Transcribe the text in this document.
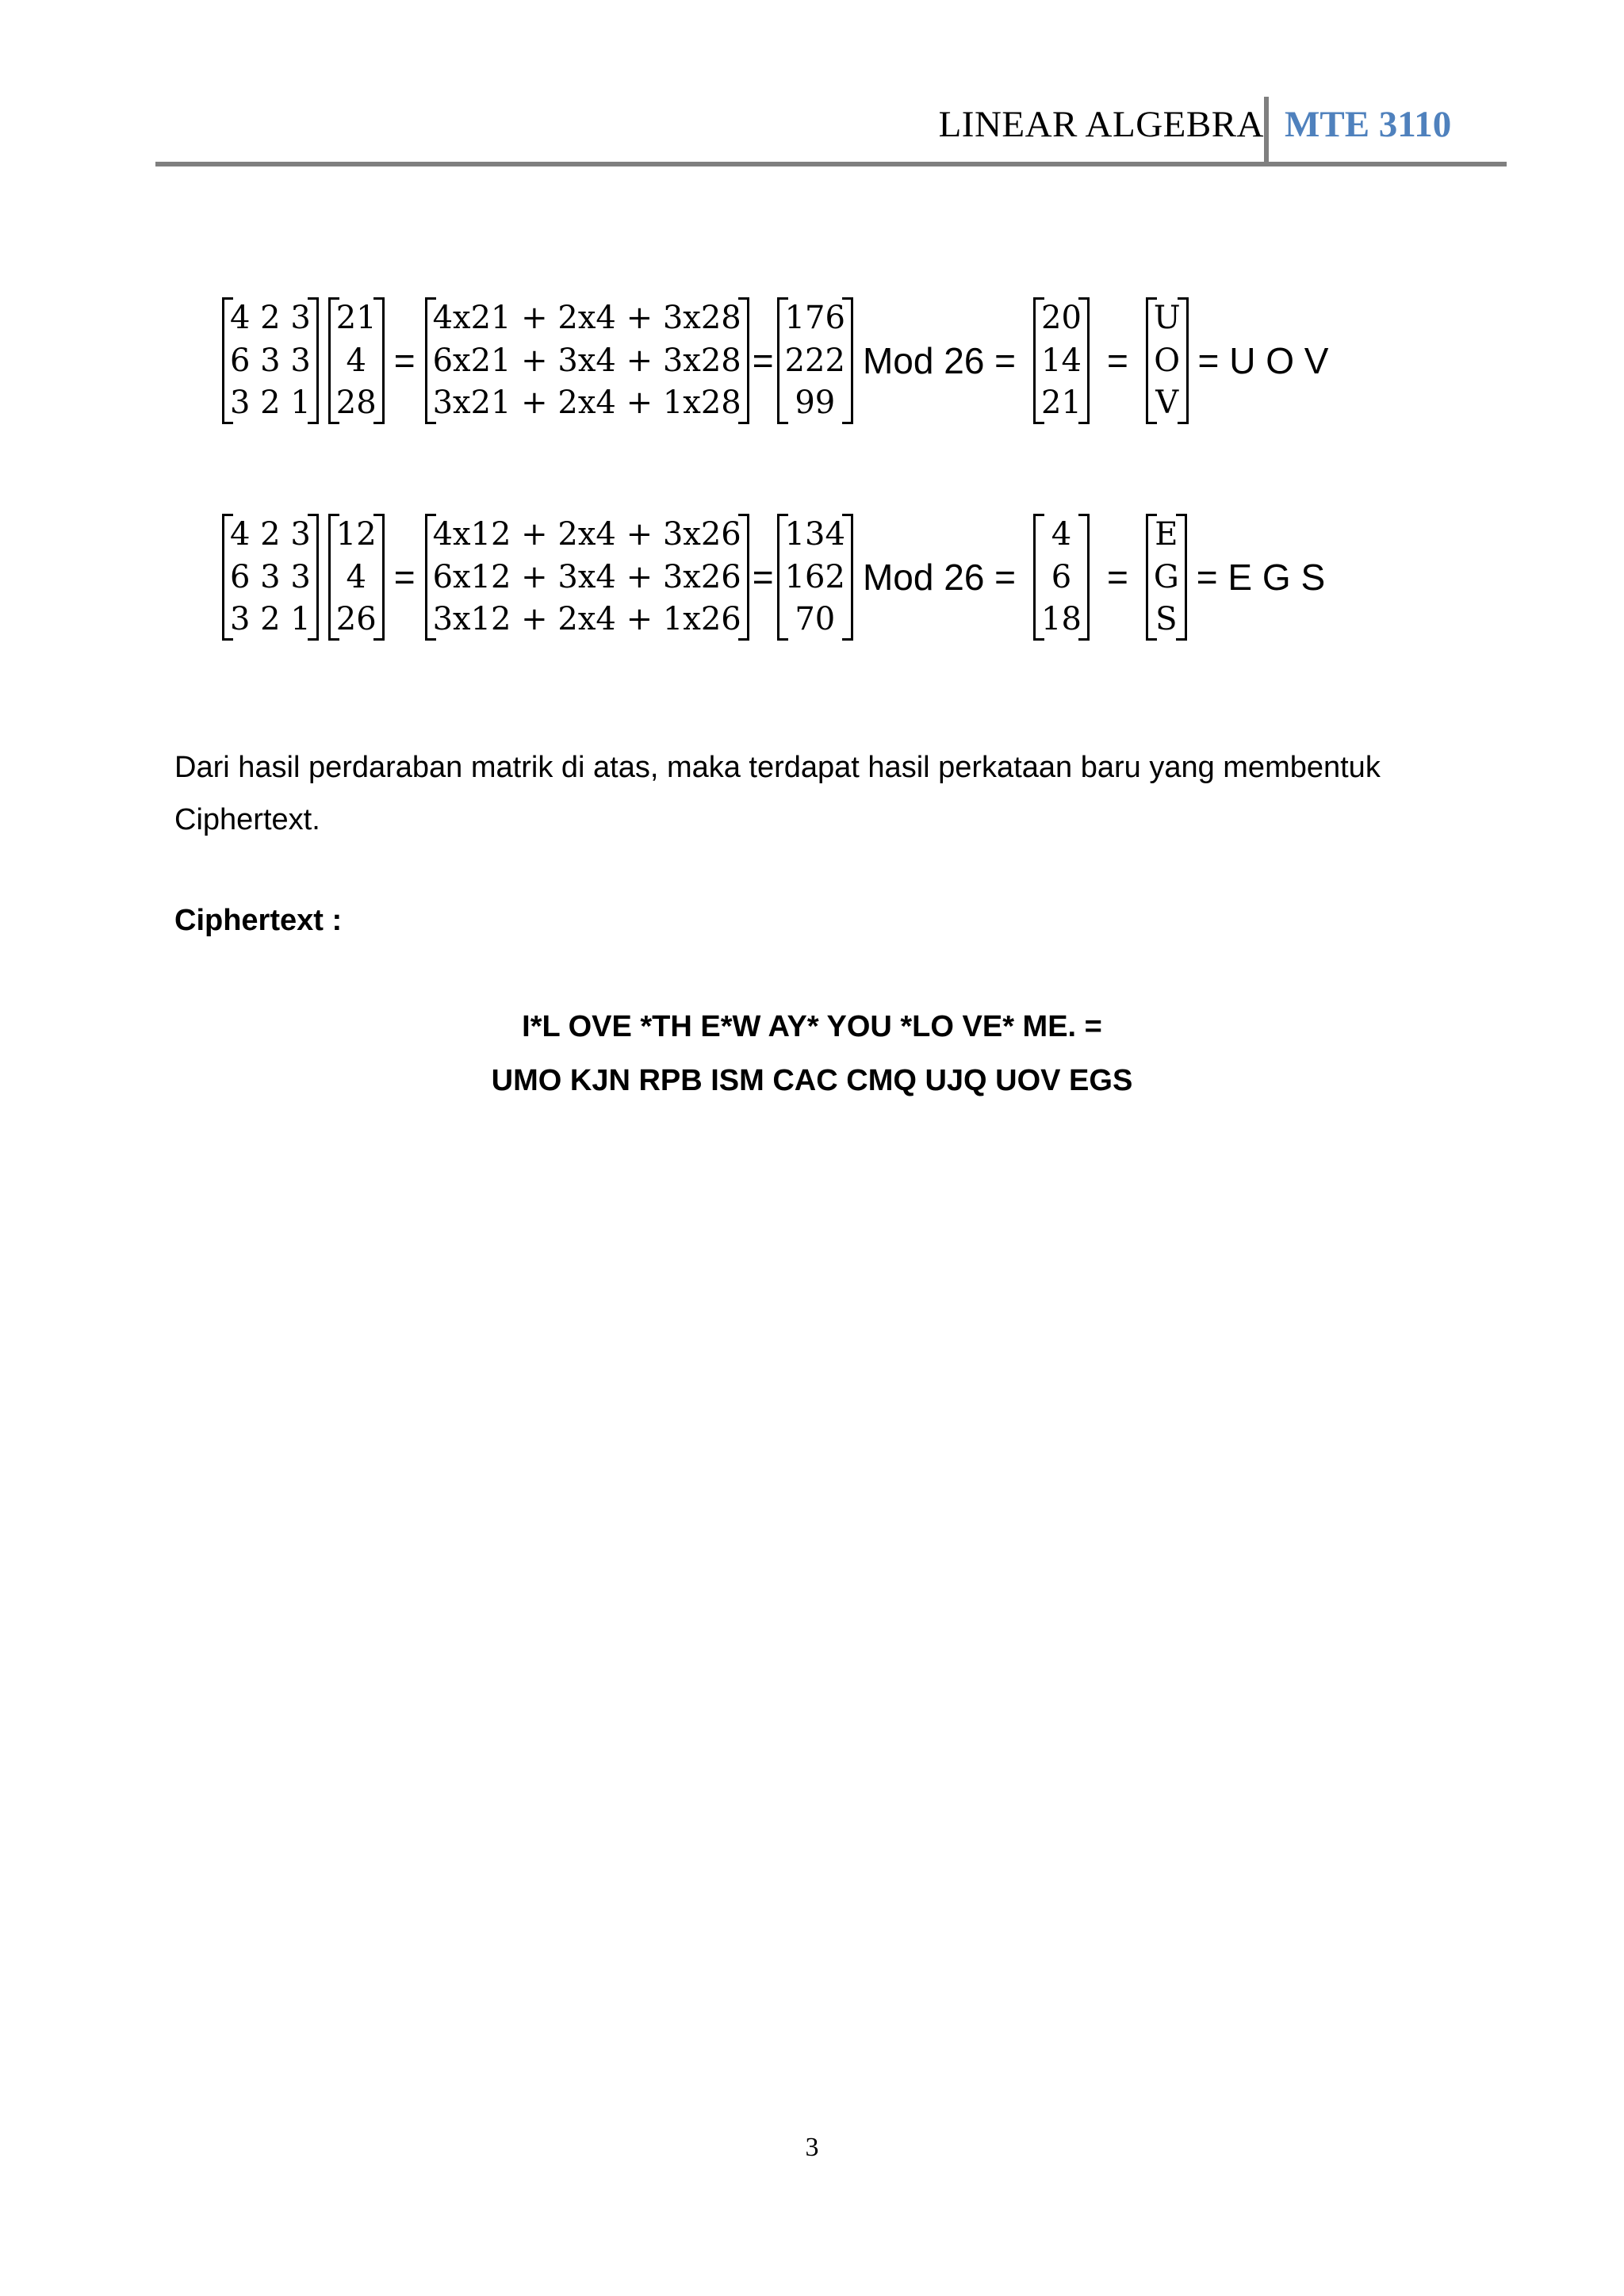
LINEAR ALGEBRA MTE 3110
4 2 3
6 3 3
3 2 1
21
4
28
=
4x21 + 2x4 + 3x28
6x21 + 3x4 + 3x28
3x21 + 2x4 + 1x28
=
176
222
99
Mod 26 =
20
14
21
=
U
O
V
= U O V
4 2 3
6 3 3
3 2 1
12
4
26
=
4x12 + 2x4 + 3x26
6x12 + 3x4 + 3x26
3x12 + 2x4 + 1x26
=
134
162
70
Mod 26 =
4
6
18
=
E
G
S
= E G S
Dari hasil perdaraban matrik di atas, maka terdapat hasil perkataan baru yang membentuk
Ciphertext.
Ciphertext :
I*L OVE *TH E*W AY* YOU *LO VE* ME. =
UMO KJN RPB ISM CAC CMQ UJQ UOV EGS
3
